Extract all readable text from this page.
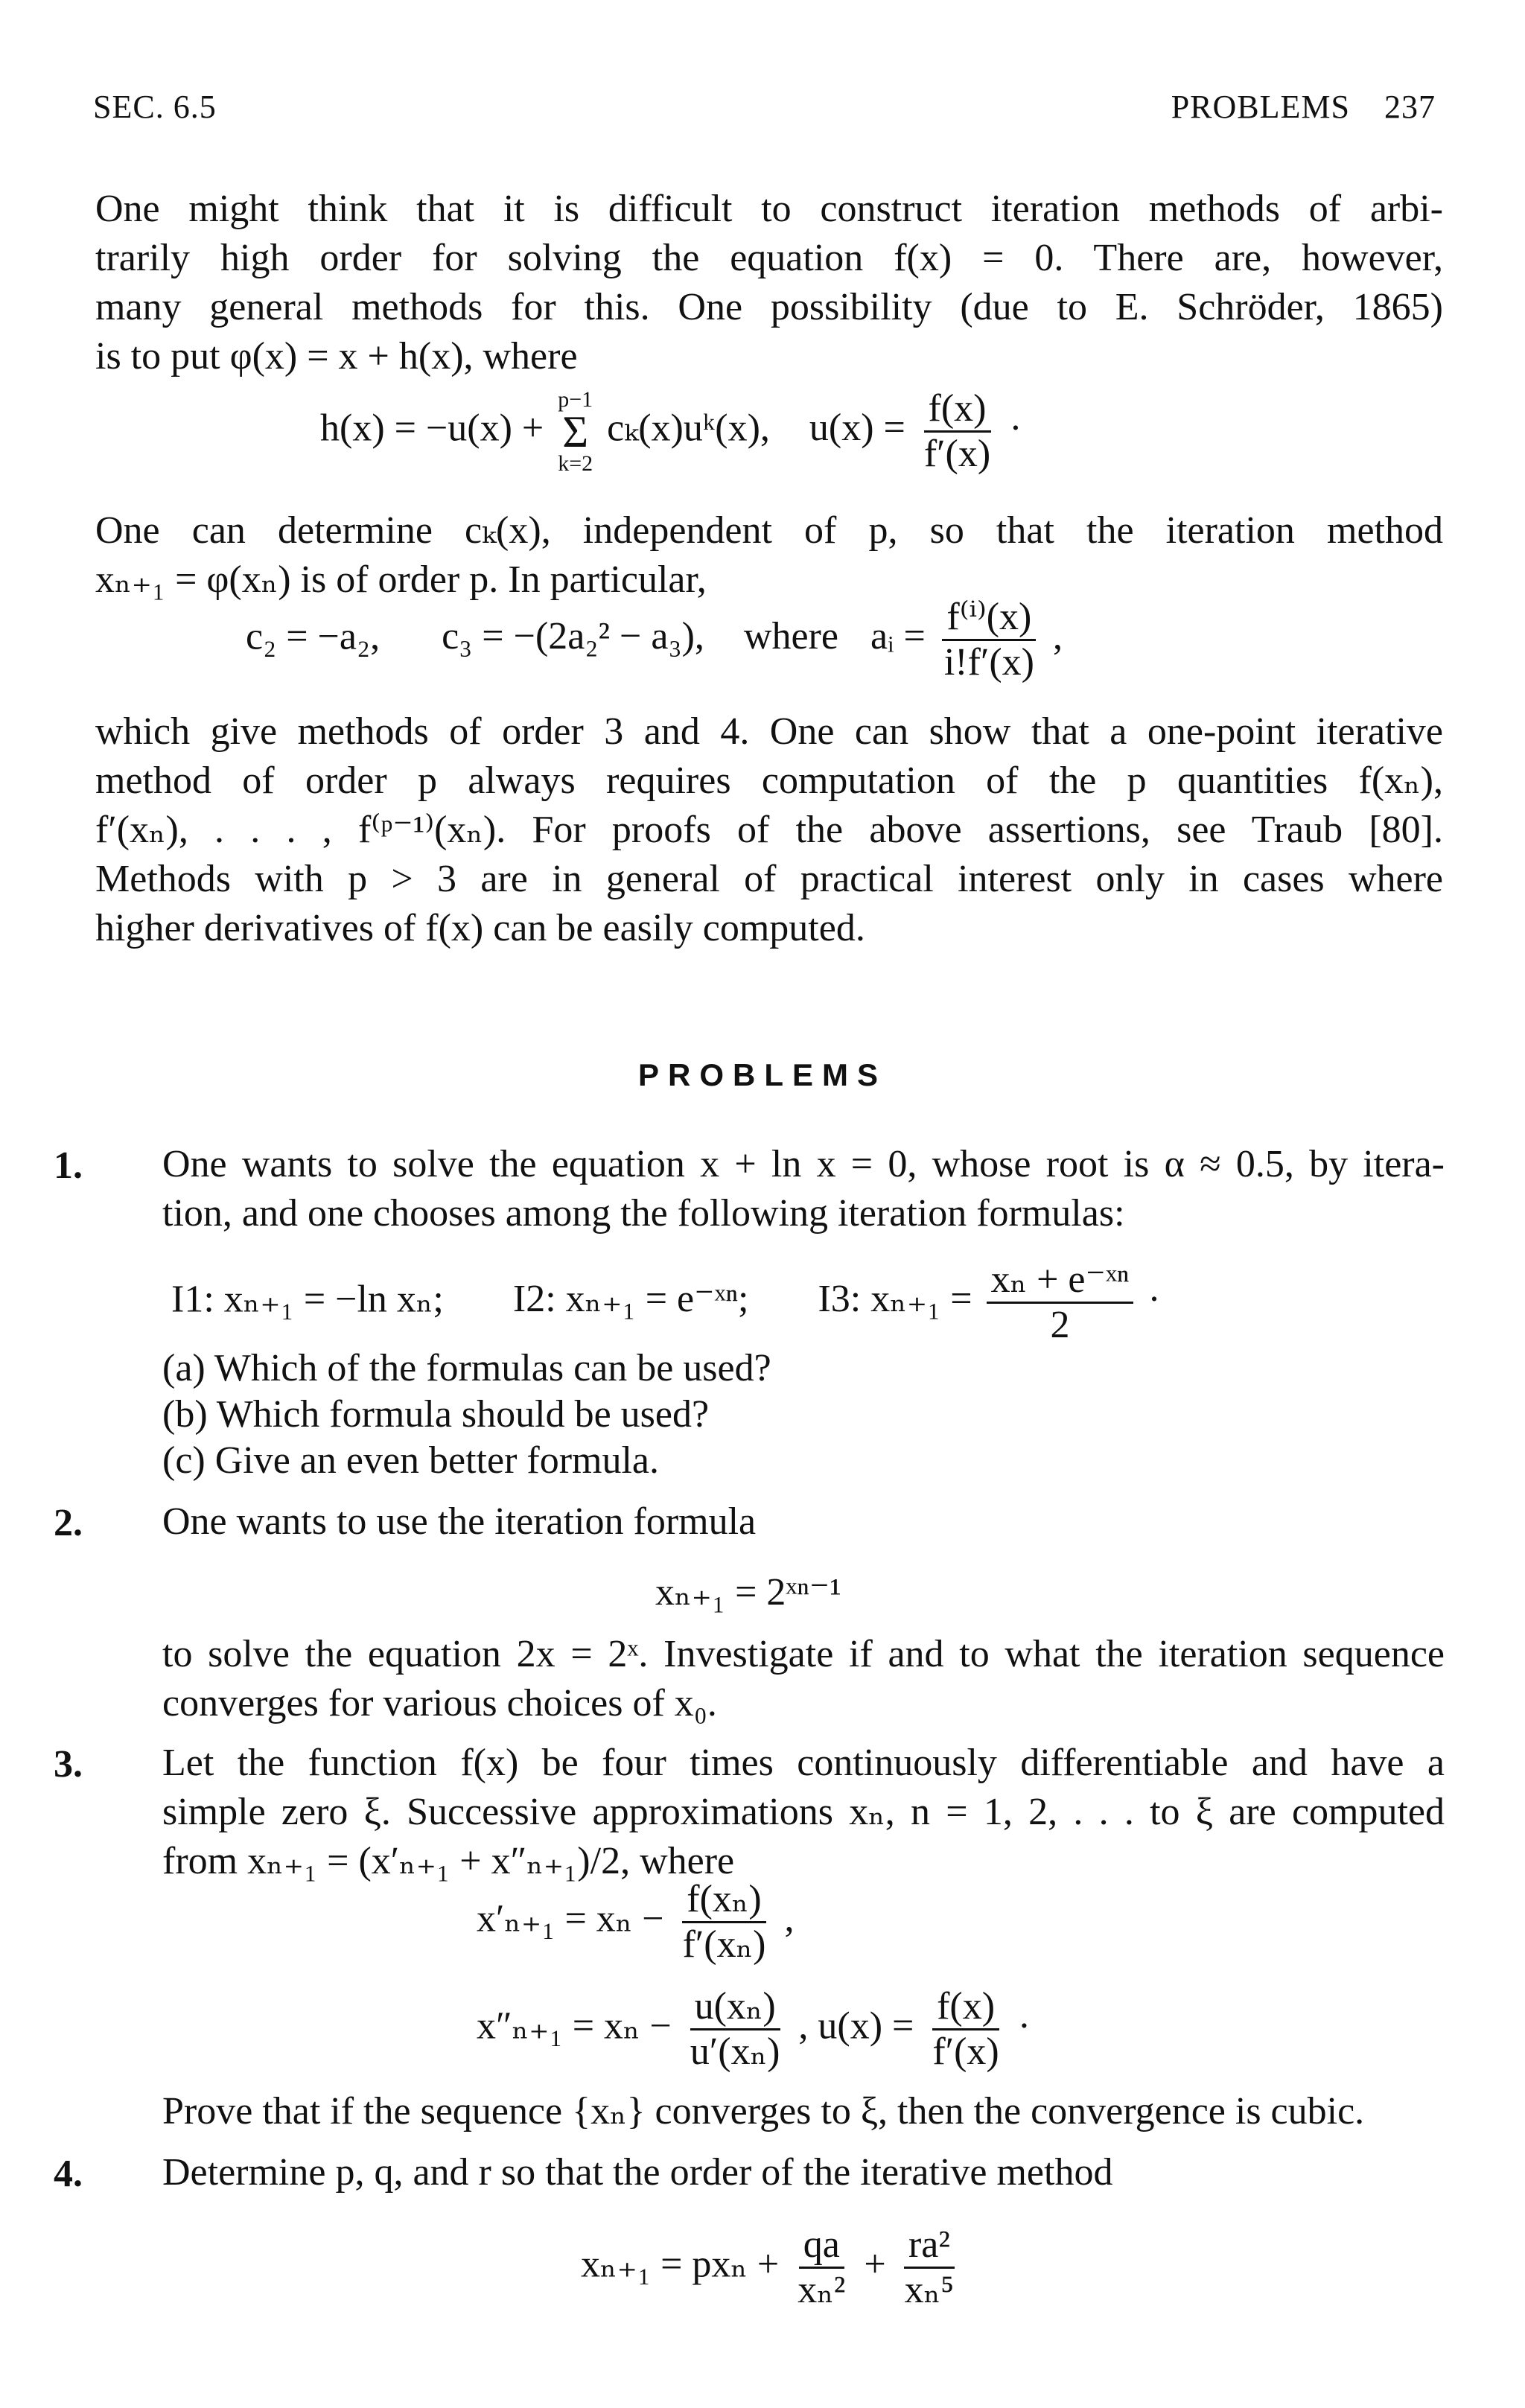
SEC. 6.5	PROBLEMS 237
One might think that it is difficult to construct iteration methods of arbi-
trarily high order for solving the equation f(x) = 0. There are, however,
many general methods for this. One possibility (due to E. Schröder, 1865)
is to put φ(x) = x + h(x), where
h(x) = −u(x) +
p−1
Σ
k=2
cₖ(x)uᵏ(x), $u(x) = \frac{f(x)}{f'(x)}$ ·
One can determine cₖ(x), independent of p, so that the iteration method
xₙ₊₁ = φ(xₙ) is of order p. In particular,
c₂ = −a₂, c₃ = −(2a₂² − a₃), where aᵢ = $\frac{\text{f⁽ⁱ⁾(x)}}{i!f'(x)}$ ,
which give methods of order 3 and 4. One can show that a one-point iterative
method of order p always requires computation of the p quantities f(xₙ),
f′(xₙ), . . . , f⁽ᵖ⁻¹⁾(xₙ). For proofs of the above assertions, see Traub [80].
Methods with p > 3 are in general of practical interest only in cases where
higher derivatives of f(x) can be easily computed.
PROBLEMS
1. One wants to solve the equation x + ln x = 0, whose root is α ≈ 0.5, by itera-
tion, and one chooses among the following iteration formulas:
I1: xₙ₊₁ = −ln xₙ; I2: xₙ₊₁ = e⁻ˣⁿ; I3: $x_{n+1} = \frac{\text{xₙ + e⁻ˣⁿ}}{2}$ ·
(a) Which of the formulas can be used?
(b) Which formula should be used?
(c) Give an even better formula.
2. One wants to use the iteration formula
xₙ₊₁ = 2ˣⁿ⁻¹
to solve the equation 2x = 2ˣ. Investigate if and to what the iteration sequence
converges for various choices of x₀.
3. Let the function f(x) be four times continuously differentiable and have a
simple zero ξ. Successive approximations xₙ, n = 1, 2, . . . to ξ are computed
from xₙ₊₁ = (x′ₙ₊₁ + x″ₙ₊₁)/2, where
$x'_{n+1} = x_n - \frac{\text{f(xₙ)}}{\text{f′(xₙ)}}$ ,
$x''_{n+1} = x_n - \frac{\text{u(xₙ)}}{\text{u′(xₙ)}}$ , $u(x) = \frac{f(x)}{f'(x)}$ ·
Prove that if the sequence {xₙ} converges to ξ, then the convergence is cubic.
4. Determine p, q, and r so that the order of the iterative method
$x_{n+1} = px_n + \frac{qa}{\text{xₙ²}} + \frac{\text{ra²}}{\text{xₙ⁵}}$
